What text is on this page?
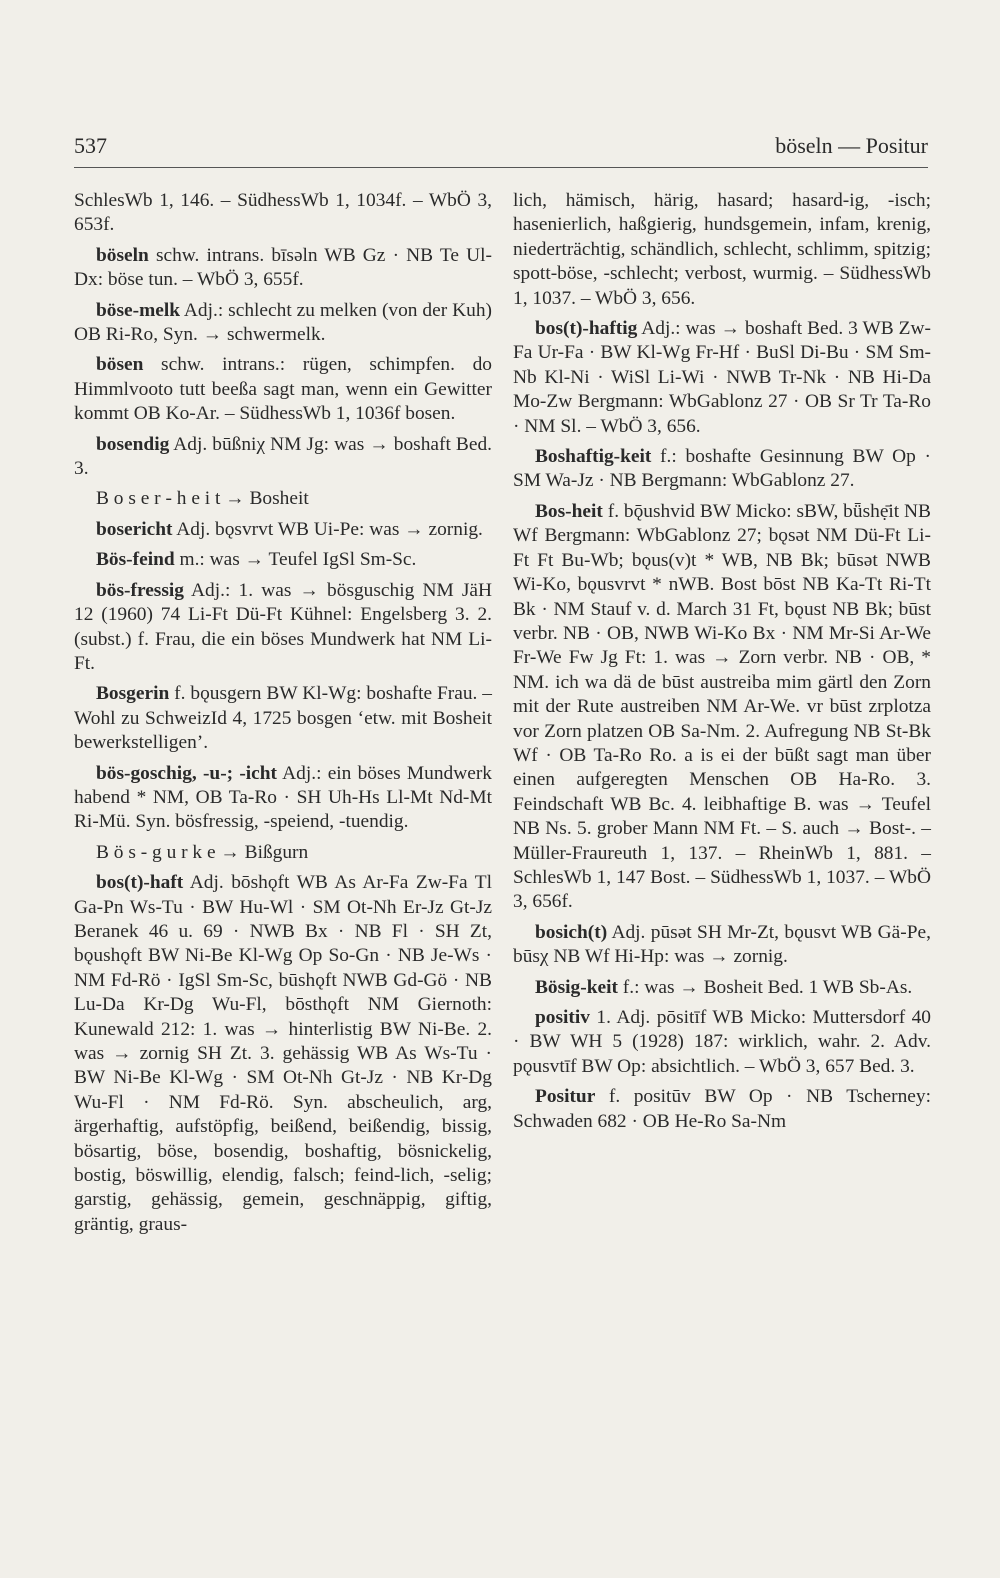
537	böseln — Positur

SchlesWb 1, 146. – SüdhessWb 1, 1034f. – WbÖ 3, 653f.

böseln schw. intrans. bīsəln WB Gz · NB Te Ul-Dx: böse tun. – WbÖ 3, 655f.

böse-melk Adj.: schlecht zu melken (von der Kuh) OB Ri-Ro, Syn. → schwermelk.

bösen schw. intrans.: rügen, schimpfen. do Himmlvooto tutt beeßa sagt man, wenn ein Gewitter kommt OB Ko-Ar. – SüdhessWb 1, 1036f bosen.

bosendig Adj. būßniχ NM Jg: was → boshaft Bed. 3.

B o s e r - h e i t → Bosheit

bosericht Adj. bǫsvrvt WB Ui-Pe: was → zornig.

Bös-feind m.: was → Teufel IgSl Sm-Sc.

bös-fressig Adj.: 1. was → bösguschig NM JäH 12 (1960) 74 Li-Ft Dü-Ft Kühnel: Engelsberg 3. 2. (subst.) f. Frau, die ein böses Mundwerk hat NM Li-Ft.

Bosgerin f. bǫusgern BW Kl-Wg: boshafte Frau. – Wohl zu SchweizId 4, 1725 bosgen ‘etw. mit Bosheit bewerkstelligen’.

bös-goschig, -u-; -icht Adj.: ein böses Mundwerk habend * NM, OB Ta-Ro · SH Uh-Hs Ll-Mt Nd-Mt Ri-Mü. Syn. bösfressig, -speiend, -tuendig.

B ö s - g u r k e → Bißgurn

bos(t)-haft Adj. bōshǫft WB As Ar-Fa Zw-Fa Tl Ga-Pn Ws-Tu · BW Hu-Wl · SM Ot-Nh Er-Jz Gt-Jz Beranek 46 u. 69 · NWB Bx · NB Fl · SH Zt, bǫushǫft BW Ni-Be Kl-Wg Op So-Gn · NB Je-Ws · NM Fd-Rö · IgSl Sm-Sc, būshǫft NWB Gd-Gö · NB Lu-Da Kr-Dg Wu-Fl, bōsthǫft NM Giernoth: Kunewald 212: 1. was → hinterlistig BW Ni-Be. 2. was → zornig SH Zt. 3. gehässig WB As Ws-Tu · BW Ni-Be Kl-Wg · SM Ot-Nh Gt-Jz · NB Kr-Dg Wu-Fl · NM Fd-Rö. Syn. abscheulich, arg, ärgerhaftig, aufstöpfig, beißend, beißendig, bissig, bösartig, böse, bosendig, boshaftig, bösnickelig, bostig, böswillig, elendig, falsch; feind-lich, -selig; garstig, gehässig, gemein, geschnäppig, giftig, gräntig, graus-

lich, hämisch, härig, hasard; hasard-ig, -isch; hasenierlich, haßgierig, hundsgemein, infam, krenig, niederträchtig, schändlich, schlecht, schlimm, spitzig; spott-böse, -schlecht; verbost, wurmig. – SüdhessWb 1, 1037. – WbÖ 3, 656.

bos(t)-haftig Adj.: was → boshaft Bed. 3 WB Zw-Fa Ur-Fa · BW Kl-Wg Fr-Hf · BuSl Di-Bu · SM Sm-Nb Kl-Ni · WiSl Li-Wi · NWB Tr-Nk · NB Hi-Da Mo-Zw Bergmann: WbGablonz 27 · OB Sr Tr Ta-Ro · NM Sl. – WbÖ 3, 656.

Boshaftig-keit f.: boshafte Gesinnung BW Op · SM Wa-Jz · NB Bergmann: WbGablonz 27.

Bos-heit f. bǭushvid BW Micko: sBW, bǖshẹ̄it NB Wf Bergmann: WbGablonz 27; bǫsət NM Dü-Ft Li-Ft Ft Bu-Wb; bǫus(v)t * WB, NB Bk; būsət NWB Wi-Ko, bǫusvrvt * nWB. Bost bōst NB Ka-Tt Ri-Tt Bk · NM Stauf v. d. March 31 Ft, bǫust NB Bk; būst verbr. NB · OB, NWB Wi-Ko Bx · NM Mr-Si Ar-We Fr-We Fw Jg Ft: 1. was → Zorn verbr. NB · OB, * NM. ich wa dä de būst austreiba mim gärtl den Zorn mit der Rute austreiben NM Ar-We. vr būst zrplotza vor Zorn platzen OB Sa-Nm. 2. Aufregung NB St-Bk Wf · OB Ta-Ro Ro. a is ei der būßt sagt man über einen aufgeregten Menschen OB Ha-Ro. 3. Feindschaft WB Bc. 4. leibhaftige B. was → Teufel NB Ns. 5. grober Mann NM Ft. – S. auch → Bost-. – Müller-Fraureuth 1, 137. – RheinWb 1, 881. – SchlesWb 1, 147 Bost. – SüdhessWb 1, 1037. – WbÖ 3, 656f.

bosich(t) Adj. pūsət SH Mr-Zt, bǫusvt WB Gä-Pe, būsχ NB Wf Hi-Hp: was → zornig.

Bösig-keit f.: was → Bosheit Bed. 1 WB Sb-As.

positiv 1. Adj. pōsitīf WB Micko: Muttersdorf 40 · BW WH 5 (1928) 187: wirklich, wahr. 2. Adv. pǫusvtīf BW Op: absichtlich. – WbÖ 3, 657 Bed. 3.

Positur f. positūv BW Op · NB Tscherney: Schwaden 682 · OB He-Ro Sa-Nm
